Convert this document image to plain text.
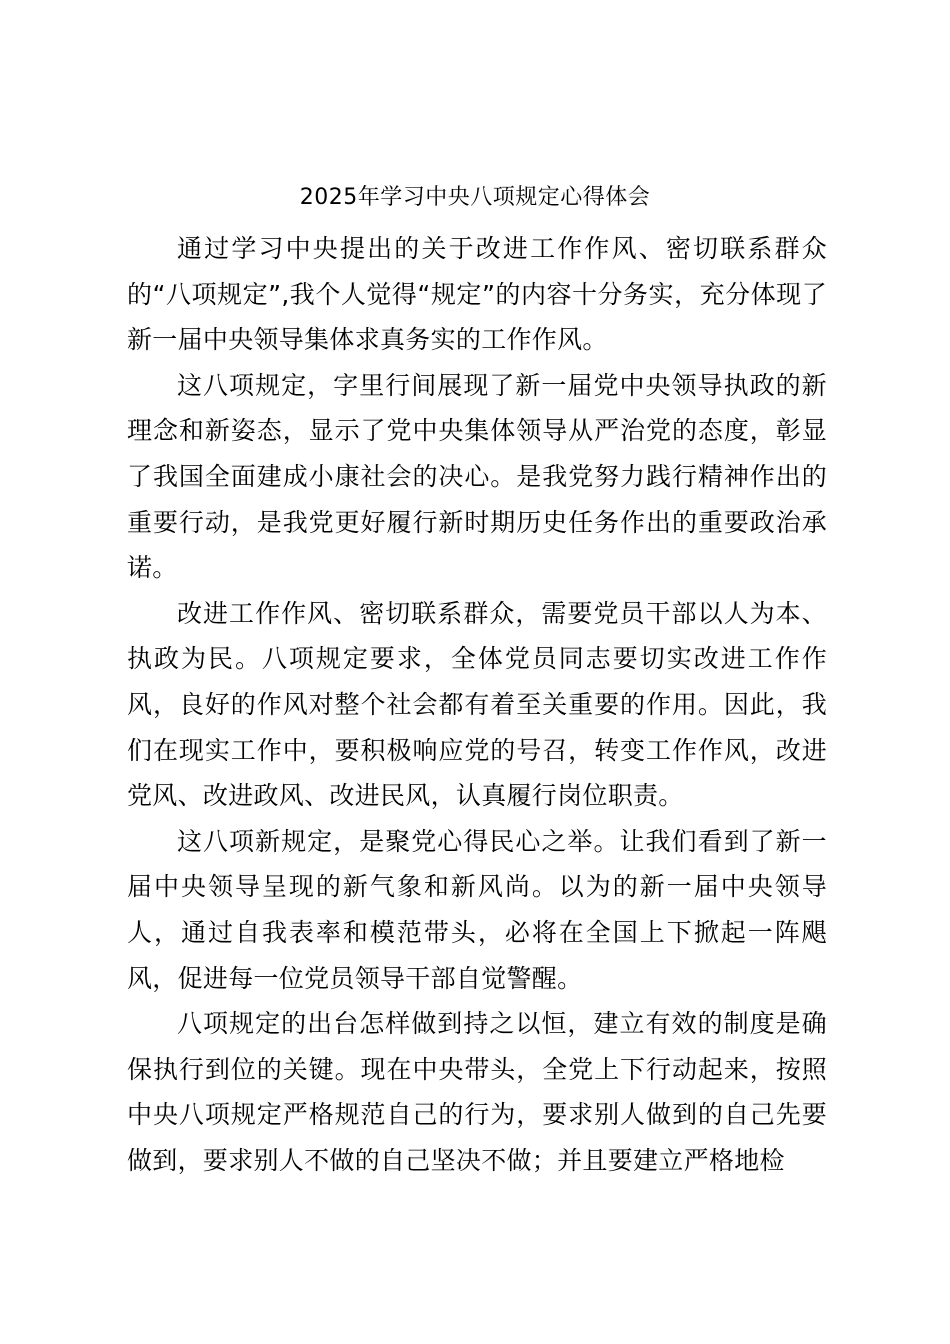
2025年学习中央八项规定心得体会

通过学习中央提出的关于改进工作作风、密切联系群众的“八项规定”,我个人觉得“规定”的内容十分务实，充分体现了新一届中央领导集体求真务实的工作作风。

这八项规定，字里行间展现了新一届党中央领导执政的新理念和新姿态，显示了党中央集体领导从严治党的态度，彰显了我国全面建成小康社会的决心。是我党努力践行精神作出的重要行动，是我党更好履行新时期历史任务作出的重要政治承诺。

改进工作作风、密切联系群众，需要党员干部以人为本、执政为民。八项规定要求，全体党员同志要切实改进工作作风，良好的作风对整个社会都有着至关重要的作用。因此，我们在现实工作中，要积极响应党的号召，转变工作作风，改进党风、改进政风、改进民风，认真履行岗位职责。

这八项新规定，是聚党心得民心之举。让我们看到了新一届中央领导呈现的新气象和新风尚。以为的新一届中央领导人，通过自我表率和模范带头，必将在全国上下掀起一阵飓风，促进每一位党员领导干部自觉警醒。

八项规定的出台怎样做到持之以恒，建立有效的制度是确保执行到位的关键。现在中央带头，全党上下行动起来，按照中央八项规定严格规范自己的行为，要求别人做到的自己先要做到，要求别人不做的自己坚决不做；并且要建立严格地检
